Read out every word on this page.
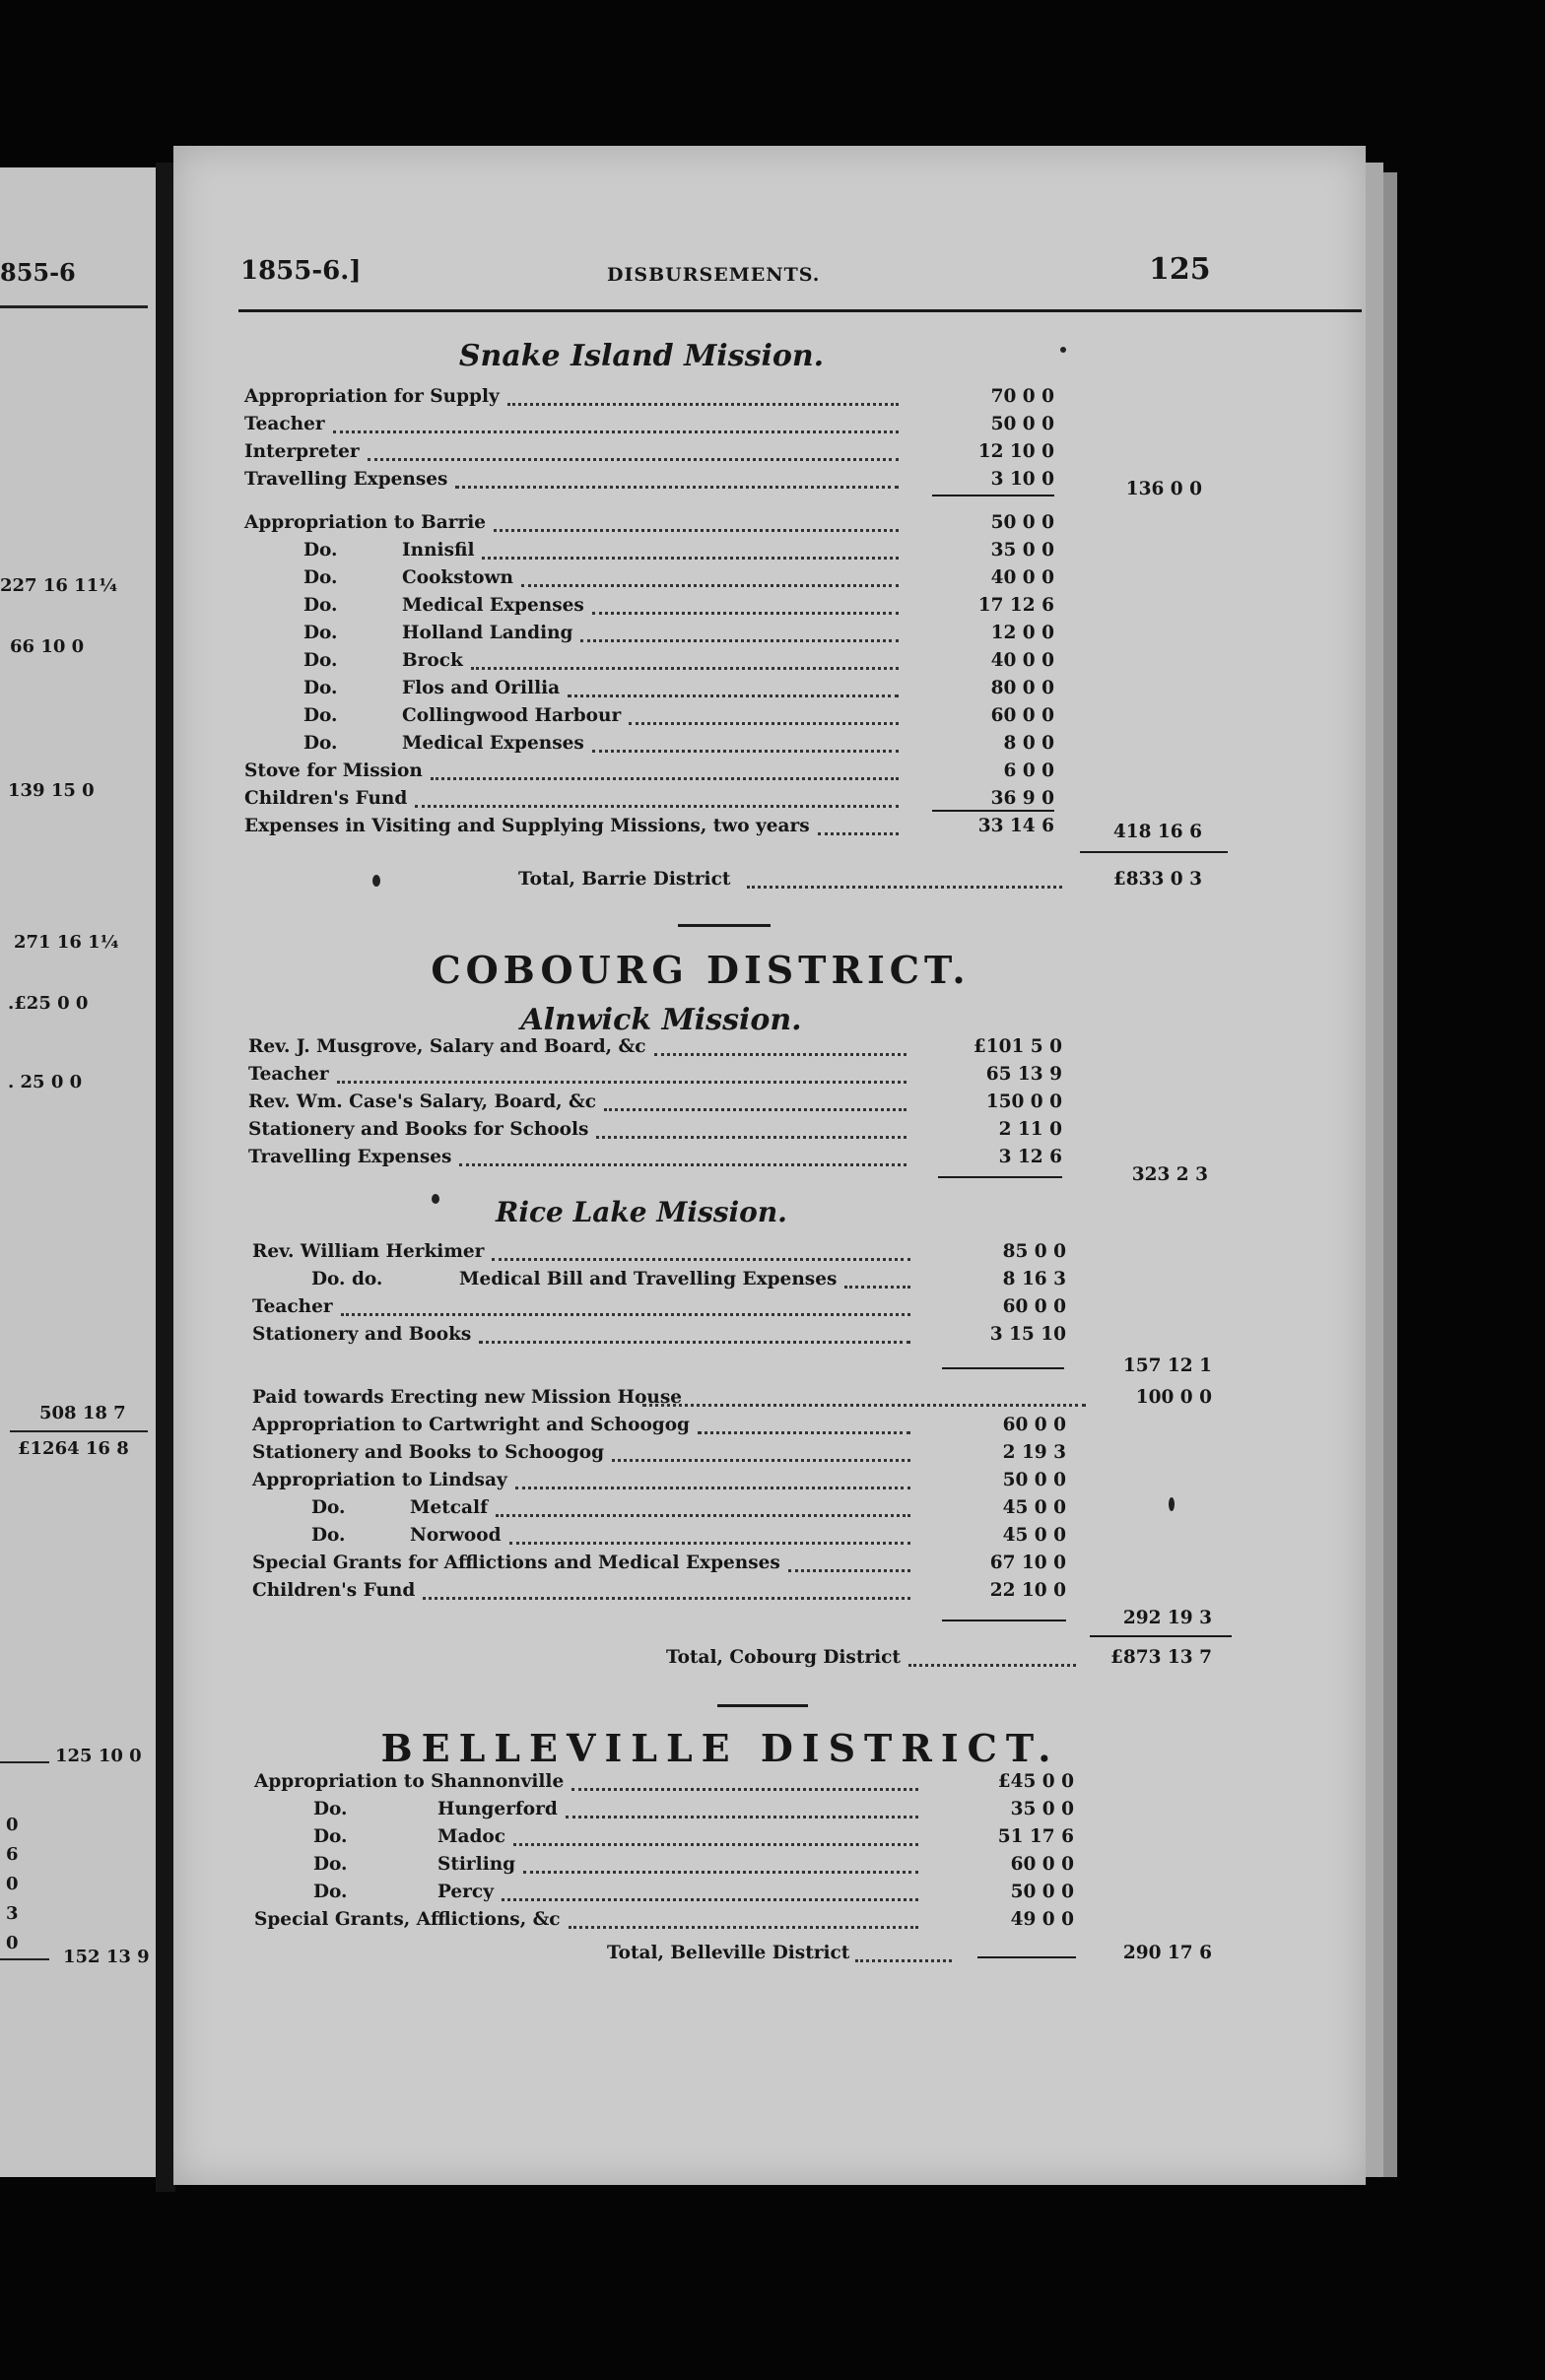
855-6
227 16 11¼
66 10 0
139 15 0
271 16 1¼
.£25 0 0
. 25 0 0
508 18 7
£1264 16 8
125 10 0
0
6
0
3
0
152 13 9
1855-6.]	DISBURSEMENTS.	125
Snake Island Mission.
Appropriation for Supply	70 0 0
Teacher	50 0 0
Interpreter	12 10 0
Travelling Expenses	3 10 0	136 0 0
Appropriation to Barrie	50 0 0
Do.	Innisfil	35 0 0
Do.	Cookstown	40 0 0
Do.	Medical Expenses	17 12 6
Do.	Holland Landing	12 0 0
Do.	Brock	40 0 0
Do.	Flos and Orillia	80 0 0
Do.	Collingwood Harbour	60 0 0
Do.	Medical Expenses	8 0 0
Stove for Mission	6 0 0
Children's Fund	36 9 0
Expenses in Visiting and Supplying Missions, two years	33 14 6	418 16 6
Total, Barrie District	£833 0 3
COBOURG DISTRICT.
Alnwick Mission.
Rev. J. Musgrove, Salary and Board, &c	£101 5 0
Teacher	65 13 9
Rev. Wm. Case's Salary, Board, &c	150 0 0
Stationery and Books for Schools	2 11 0
Travelling Expenses	3 12 6
323 2 3
Rice Lake Mission.
Rev. William Herkimer	85 0 0
Do. do.	Medical Bill and Travelling Expenses	8 16 3
Teacher	60 0 0
Stationery and Books	3 15 10
157 12 1
Paid towards Erecting new Mission House	100 0 0
Appropriation to Cartwright and Schoogog	60 0 0
Stationery and Books to Schoogog	2 19 3
Appropriation to Lindsay	50 0 0
Do.	Metcalf	45 0 0
Do.	Norwood	45 0 0
Special Grants for Afflictions and Medical Expenses	67 10 0
Children's Fund	22 10 0
292 19 3
Total, Cobourg District	£873 13 7
BELLEVILLE DISTRICT.
Appropriation to Shannonville	£45 0 0
Do.	Hungerford	35 0 0
Do.	Madoc	51 17 6
Do.	Stirling	60 0 0
Do.	Percy	50 0 0
Special Grants, Afflictions, &c	49 0 0
Total, Belleville District	290 17 6
